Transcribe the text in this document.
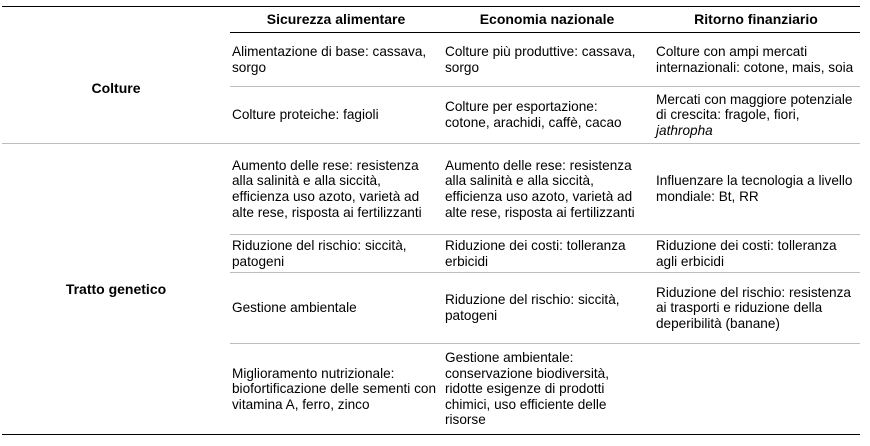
Sicurezza alimentare	Economia nazionale	Ritorno finanziario
Colture
Alimentazione di base: cassava, sorgo
Colture più produttive: cassava, sorgo
Colture con ampi mercati internazionali: cotone, mais, soia
Colture proteiche: fagioli
Colture per esportazione: cotone, arachidi, caffè, cacao
Mercati con maggiore potenziale di crescita: fragole, fiori, jathropha
Tratto genetico
Aumento delle rese: resistenza alla salinità e alla siccità, efficienza uso azoto, varietà ad alte rese, risposta ai fertilizzanti
Aumento delle rese: resistenza alla salinità e alla siccità, efficienza uso azoto, varietà ad alte rese, risposta ai fertilizzanti
Influenzare la tecnologia a livello mondiale: Bt, RR
Riduzione del rischio: siccità, patogeni
Riduzione dei costi: tolleranza erbicidi
Riduzione dei costi: tolleranza agli erbicidi
Gestione ambientale
Riduzione del rischio: siccità, patogeni
Riduzione del rischio: resistenza ai trasporti e riduzione della deperibilità (banane)
Miglioramento nutrizionale: biofortificazione delle sementi con vitamina A, ferro, zinco
Gestione ambientale: conservazione biodiversità, ridotte esigenze di prodotti chimici, uso efficiente delle risorse
